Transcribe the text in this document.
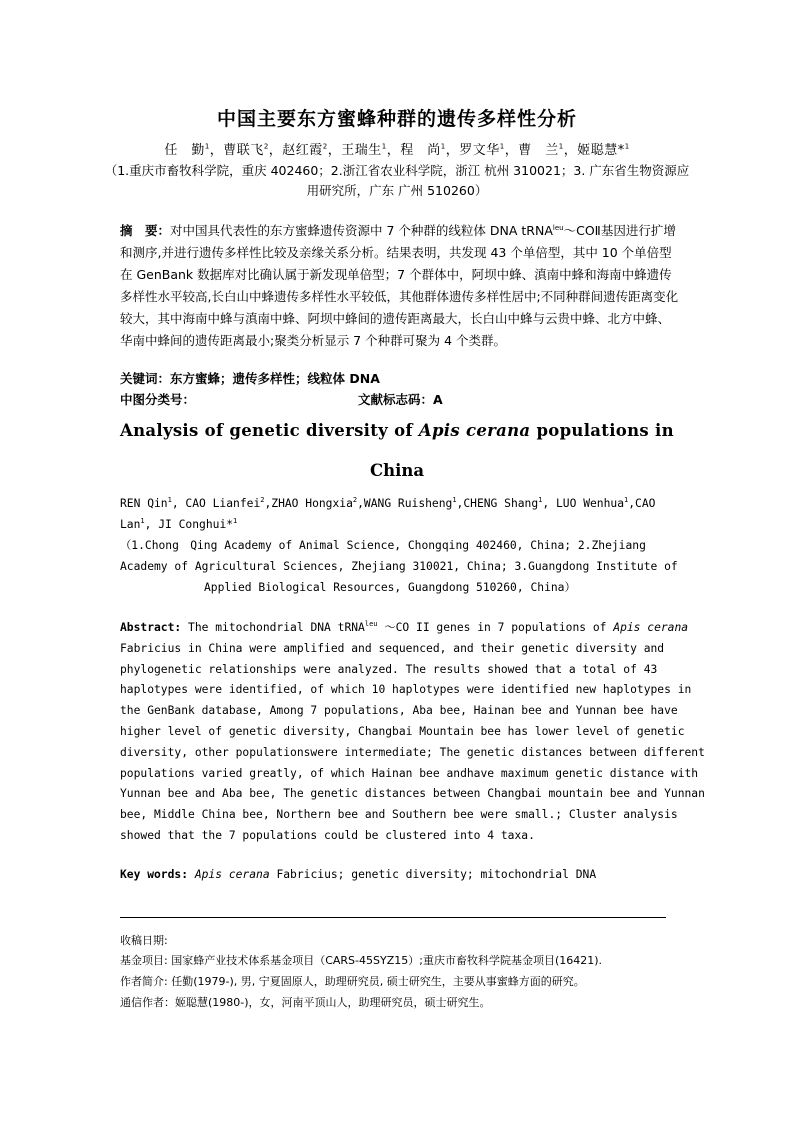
中国主要东方蜜蜂种群的遗传多样性分析
任　勤$^1$，曹联飞$^2$，赵红霞$^2$，王瑞生$^1$，程　尚$^1$，罗文华$^1$，曹　兰$^1$，姬聪慧*$^1$
（1.重庆市畜牧科学院，重庆 402460；2.浙江省农业科学院，浙江 杭州 310021；3. 广东省生物资源应用研究所，广东 广州 510260）
摘　要：对中国具代表性的东方蜜蜂遗传资源中 7 个种群的线粒体 DNA tRNA$^{leu}$～COⅡ基因进行扩增和测序,并进行遗传多样性比较及亲缘关系分析。结果表明，共发现 43 个单倍型，其中 10 个单倍型在 GenBank 数据库对比确认属于新发现单倍型；7 个群体中，阿坝中蜂、滇南中蜂和海南中蜂遗传多样性水平较高,长白山中蜂遗传多样性水平较低，其他群体遗传多样性居中;不同种群间遗传距离变化较大，其中海南中蜂与滇南中蜂、阿坝中蜂间的遗传距离最大，长白山中蜂与云贵中蜂、北方中蜂、华南中蜂间的遗传距离最小;聚类分析显示 7 个种群可聚为 4 个类群。
关键词：东方蜜蜂；遗传多样性；线粒体 DNA
中图分类号：	文献标志码：A
Analysis of genetic diversity of Apis cerana populations in
China
REN Qin$^1$, CAO Lianfei$^2$,ZHAO Hongxia$^2$,WANG Ruisheng$^1$,CHENG Shang$^1$, LUO Wenhua$^1$,CAO Lan$^1$, JI Conghui*$^1$
（1.Chong　Qing Academy of Animal Science, Chongqing 402460, China; 2.Zhejiang Academy of Agricultural Sciences, Zhejiang 310021, China; 3.Guangdong Institute of
Applied Biological Resources, Guangdong 510260, China）
Abstract: The mitochondrial DNA tRNA$^{leu}$ ～CO II genes in 7 populations of Apis cerana Fabricius in China were amplified and sequenced, and their genetic diversity and phylogenetic relationships were analyzed. The results showed that a total of 43 haplotypes were identified, of which 10 haplotypes were identified new haplotypes in the GenBank database, Among 7 populations, Aba bee, Hainan bee and Yunnan bee have　higher level of genetic diversity, Changbai Mountain bee has lower level of genetic diversity, other populationswere intermediate; The genetic distances between different populations varied greatly, of which Hainan bee andhave maximum genetic distance with Yunnan bee and Aba bee, The genetic distances between Changbai mountain bee and Yunnan bee, Middle China bee, Northern bee and Southern bee were small.; Cluster analysis showed that the 7 populations could be clustered into 4 taxa.
Key words: Apis cerana Fabricius; genetic diversity; mitochondrial DNA
收稿日期:
基金项目: 国家蜂产业技术体系基金项目（CARS-45SYZ15）;重庆市畜牧科学院基金项目(16421).
作者简介: 任勤(1979-), 男, 宁夏固原人，助理研究员, 硕士研究生，主要从事蜜蜂方面的研究。
通信作者：姬聪慧(1980-)，女，河南平顶山人，助理研究员，硕士研究生。
